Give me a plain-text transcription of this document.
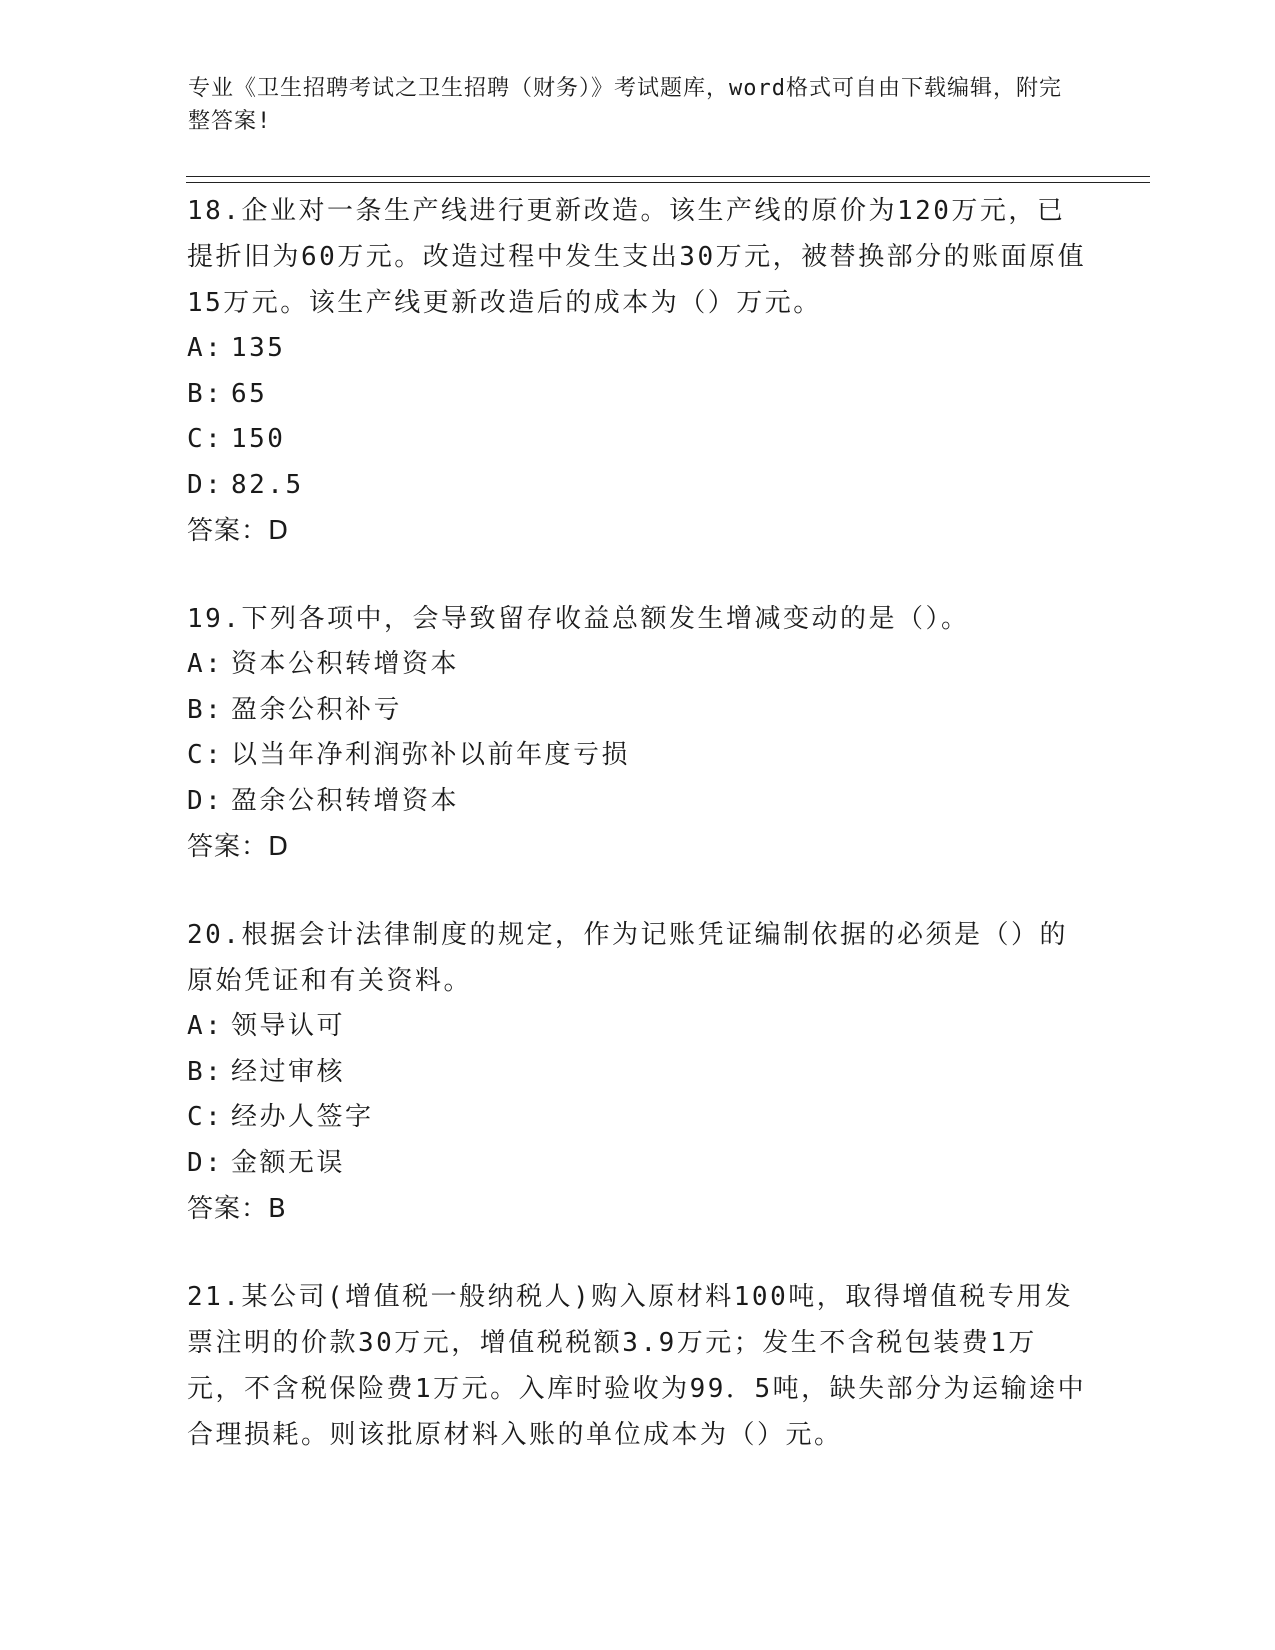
专业《卫生招聘考试之卫生招聘（财务）》考试题库，word格式可自由下载编辑，附完整答案!

18.企业对一条生产线进行更新改造。该生产线的原价为120万元，已提折旧为60万元。改造过程中发生支出30万元，被替换部分的账面原值15万元。该生产线更新改造后的成本为（）万元。

A: 135

B: 65

C: 150

D: 82.5

答案：D

19.下列各项中，会导致留存收益总额发生增减变动的是（）。

A: 资本公积转增资本

B: 盈余公积补亏

C: 以当年净利润弥补以前年度亏损

D: 盈余公积转增资本

答案：D

20.根据会计法律制度的规定，作为记账凭证编制依据的必须是（）的原始凭证和有关资料。

A: 领导认可

B: 经过审核

C: 经办人签字

D: 金额无误

答案：B

21.某公司(增值税一般纳税人)购入原材料100吨，取得增值税专用发票注明的价款30万元，增值税税额3.9万元；发生不含税包装费1万元，不含税保险费1万元。入库时验收为99．5吨，缺失部分为运输途中合理损耗。则该批原材料入账的单位成本为（）元。
